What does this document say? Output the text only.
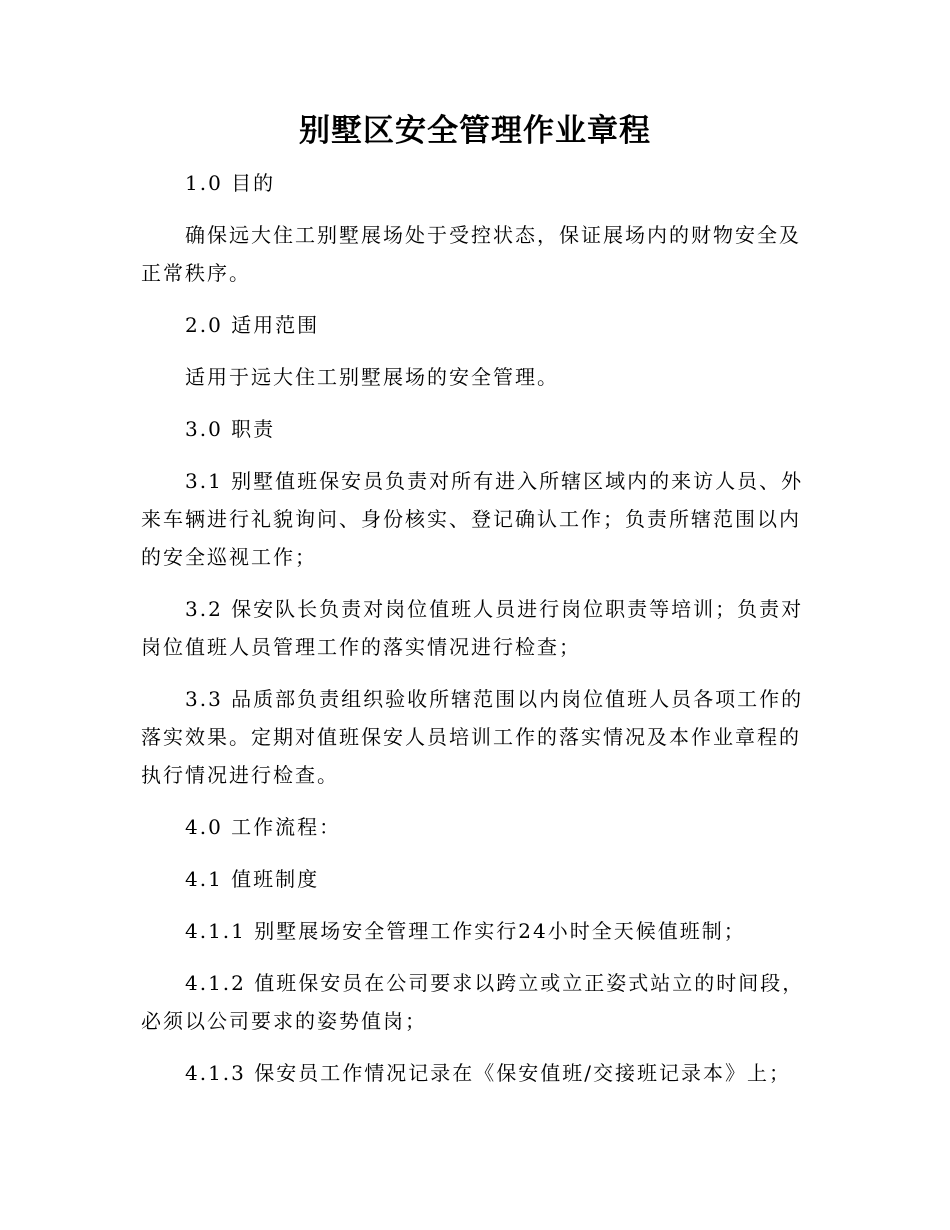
别墅区安全管理作业章程

1.0 目的

确保远大住工别墅展场处于受控状态，保证展场内的财物安全及正常秩序。

2.0 适用范围

适用于远大住工别墅展场的安全管理。

3.0 职责

3.1 别墅值班保安员负责对所有进入所辖区域内的来访人员、外来车辆进行礼貌询问、身份核实、登记确认工作；负责所辖范围以内的安全巡视工作；

3.2 保安队长负责对岗位值班人员进行岗位职责等培训；负责对岗位值班人员管理工作的落实情况进行检查；

3.3 品质部负责组织验收所辖范围以内岗位值班人员各项工作的落实效果。定期对值班保安人员培训工作的落实情况及本作业章程的执行情况进行检查。

4.0 工作流程：

4.1 值班制度

4.1.1 别墅展场安全管理工作实行24小时全天候值班制；

4.1.2 值班保安员在公司要求以跨立或立正姿式站立的时间段，必须以公司要求的姿势值岗；

4.1.3 保安员工作情况记录在《保安值班/交接班记录本》上；
